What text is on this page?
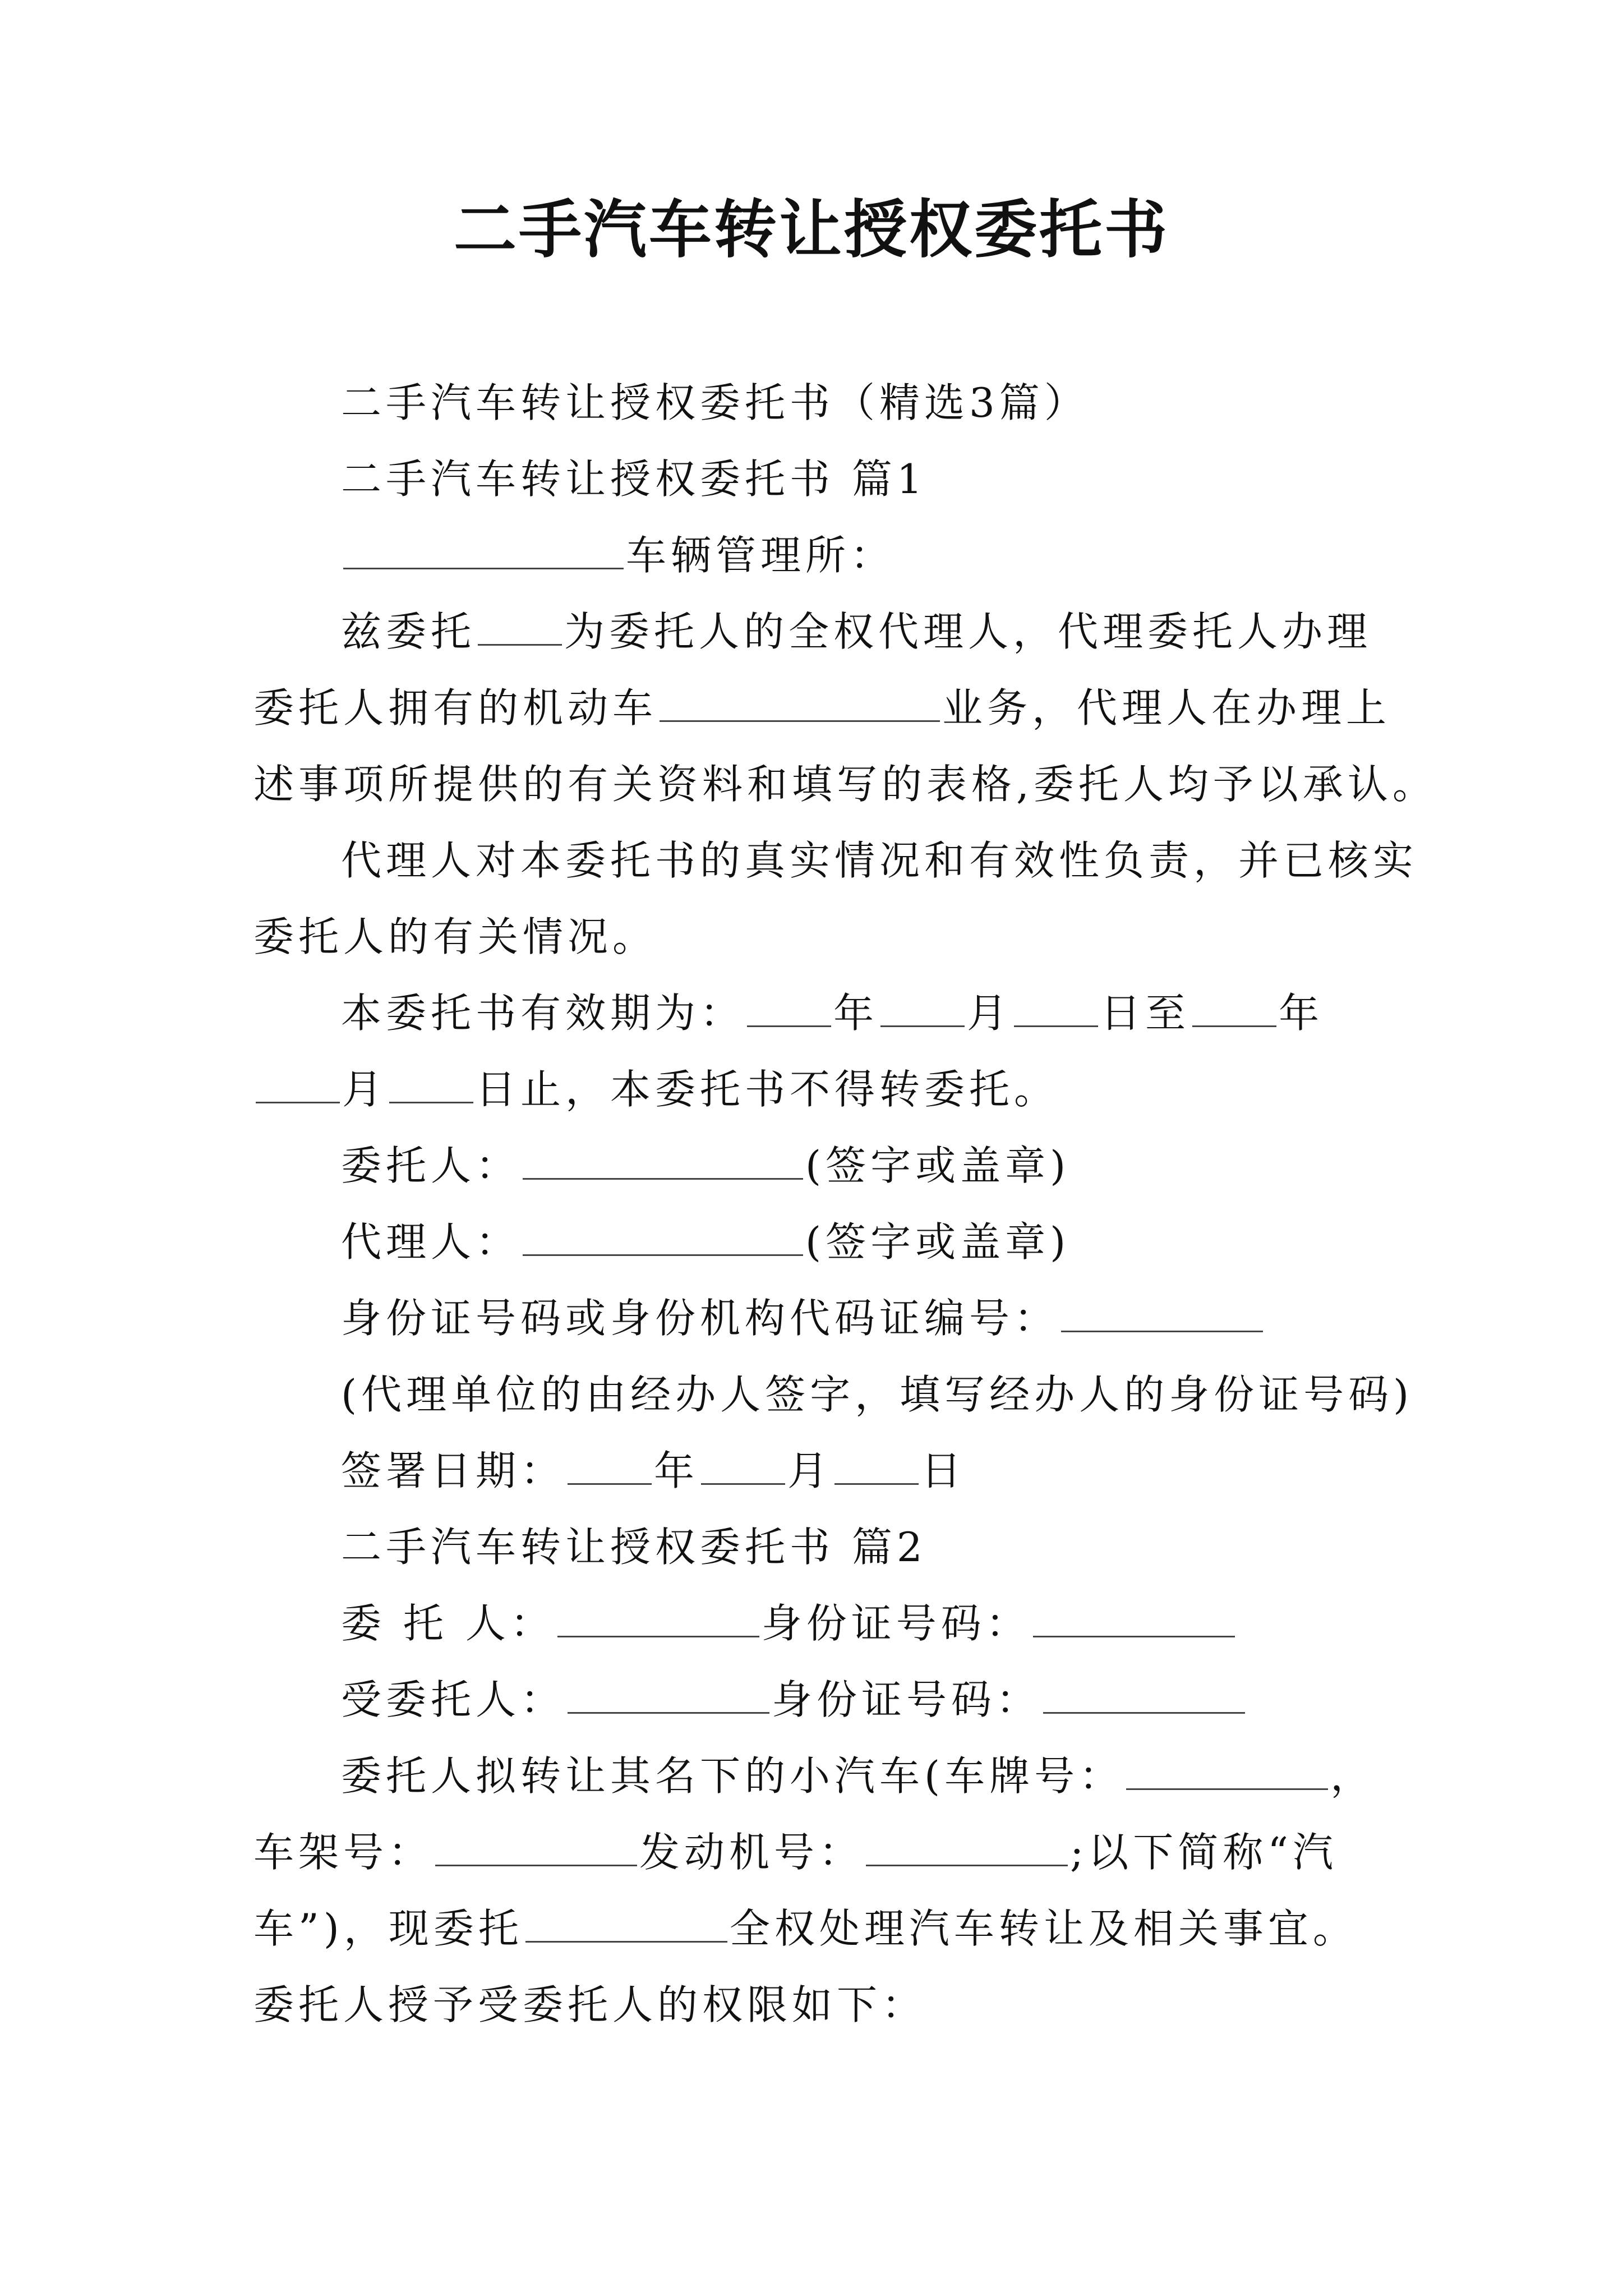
二手汽车转让授权委托书
二手汽车转让授权委托书（精选3篇）
二手汽车转让授权委托书 篇1
车辆管理所：
兹委托 为委托人的全权代理人，代理委托人办理
委托人拥有的机动车	业务，代理人在办理上
述事项所提供的有关资料和填写的表格,委托人均予以承认。
代理人对本委托书的真实情况和有效性负责，并已核实
委托人的有关情况。
本委托书有效期为： 年 月 日至 年
月 日止，本委托书不得转委托。
委托人：	(签字或盖章)
代理人：	(签字或盖章)
身份证号码或身份机构代码证编号：
(代理单位的由经办人签字，填写经办人的身份证号码)
签署日期： 年 月 日
二手汽车转让授权委托书 篇2
委 托 人：	身份证号码：
受委托人：	身份证号码：
委托人拟转让其名下的小汽车(车牌号：	，
车架号：	发动机号：	;以下简称“汽
车”)，现委托	全权处理汽车转让及相关事宜。
委托人授予受委托人的权限如下：
